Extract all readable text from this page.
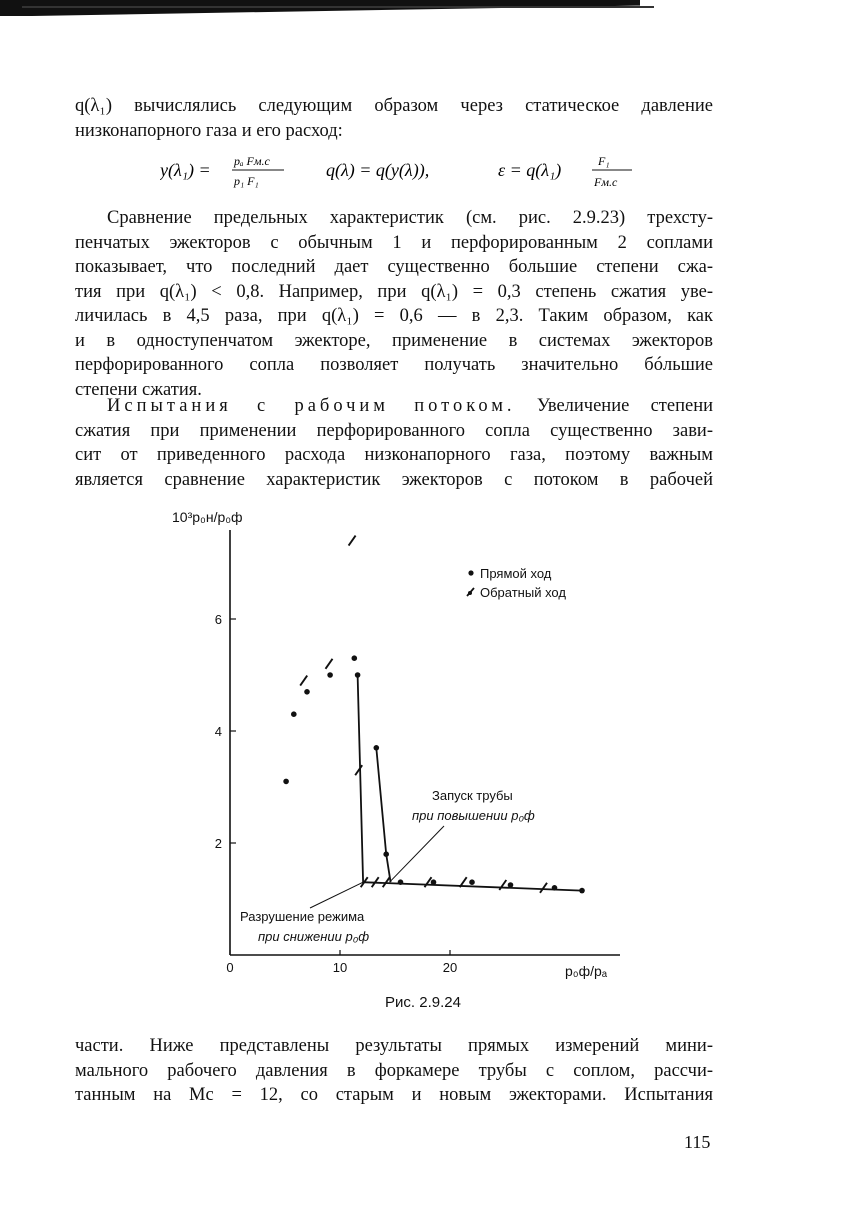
q(λ₁) вычислялись следующим образом через статическое давление
низконапорного газа и его расход:
y(λ₁) = pₐ Fм.с
p₁ F₁
q(λ) = q(y(λ)),	ε = q(λ₁)	F₁
Fм.с
Сравнение предельных характеристик (см. рис. 2.9.23) трехсту-
пенчатых эжекторов с обычным 1 и перфорированным 2 соплами
показывает, что последний дает существенно большие степени сжа-
тия при q(λ₁) < 0,8. Например, при q(λ₁) = 0,3 степень сжатия уве-
личилась в 4,5 раза, при q(λ₁) = 0,6 — в 2,3. Таким образом, как
и в одноступенчатом эжекторе, применение в системах эжекторов
перфорированного сопла позволяет получать значительно бóльшие
степени сжатия.
Испытания с рабочим потоком. Увеличение степени
сжатия при применении перфорированного сопла существенно зави-
сит от приведенного расхода низконапорного газа, поэтому важным
является сравнение характеристик эжекторов с потоком в рабочей
0	10	20
2
4
6
Запуск трубы
при повышении p₀ф
Разрушение режима
при снижении p₀ф
10³p₀н/p₀ф
p₀ф/pₐ
Прямой ход
Обратный ход
Рис. 2.9.24
части. Ниже представлены результаты прямых измерений мини-
мального рабочего давления в форкамере трубы с соплом, рассчи-
танным на Mс = 12, со старым и новым эжекторами. Испытания
115
